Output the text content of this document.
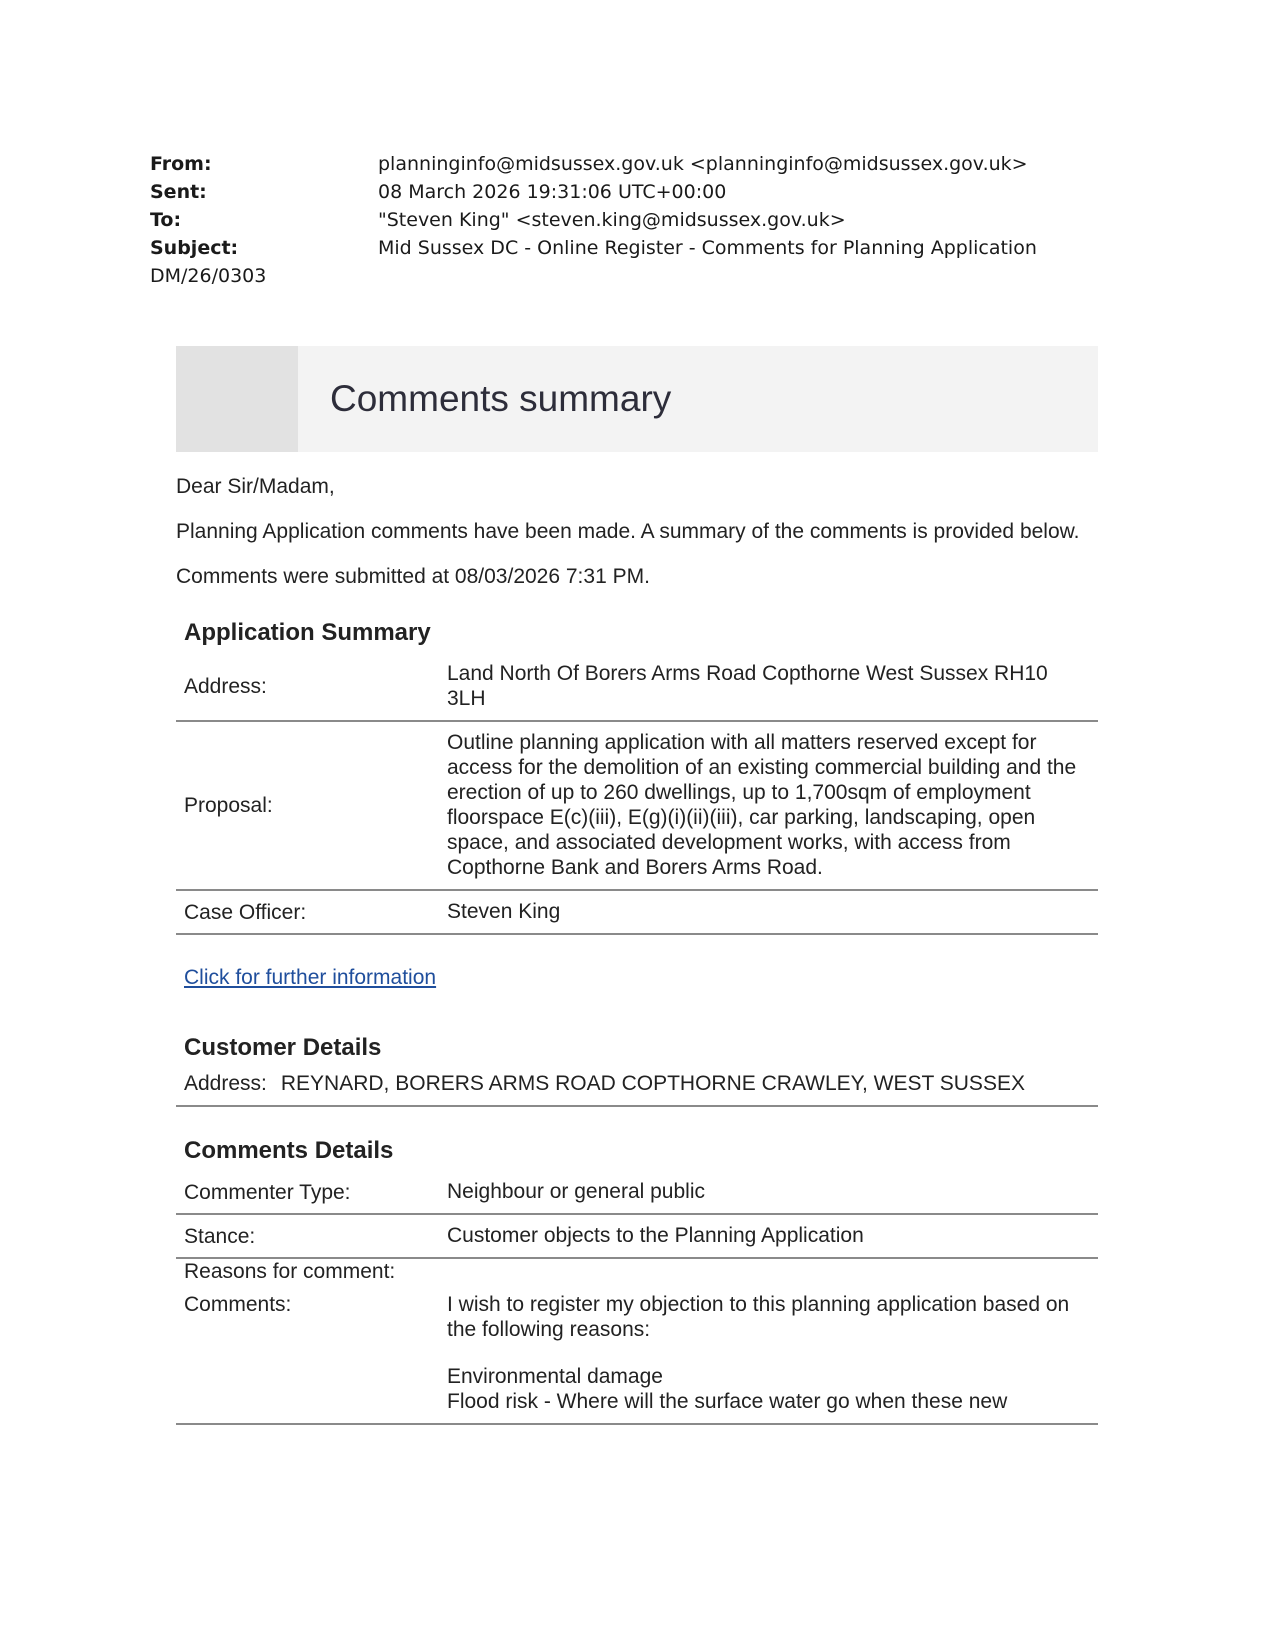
From:	planninginfo@midsussex.gov.uk <planninginfo@midsussex.gov.uk>
Sent:	08 March 2026 19:31:06 UTC+00:00
To:	"Steven King" <steven.king@midsussex.gov.uk>
Subject:	Mid Sussex DC - Online Register - Comments for Planning Application
DM/26/0303
Comments summary

Dear Sir/Madam,

Planning Application comments have been made. A summary of the comments is provided below.

Comments were submitted at 08/03/2026 7:31 PM.

Application Summary
Address:
Land North Of Borers Arms Road Copthorne West Sussex RH10 3LH
Proposal:
Outline planning application with all matters reserved except for access for the demolition of an existing commercial building and the erection of up to 260 dwellings, up to 1,700sqm of employment floorspace E(c)(iii), E(g)(i)(ii)(iii), car parking, landscaping, open space, and associated development works, with access from Copthorne Bank and Borers Arms Road.
Case Officer:	Steven King
Click for further information
Customer Details
Address: REYNARD, BORERS ARMS ROAD COPTHORNE CRAWLEY, WEST SUSSEX
Comments Details
Commenter Type:	Neighbour or general public
Stance:	Customer objects to the Planning Application
Reasons for comment:
Comments:	I wish to register my objection to this planning application based on the following reasons:
Environmental damage
Flood risk - Where will the surface water go when these new
